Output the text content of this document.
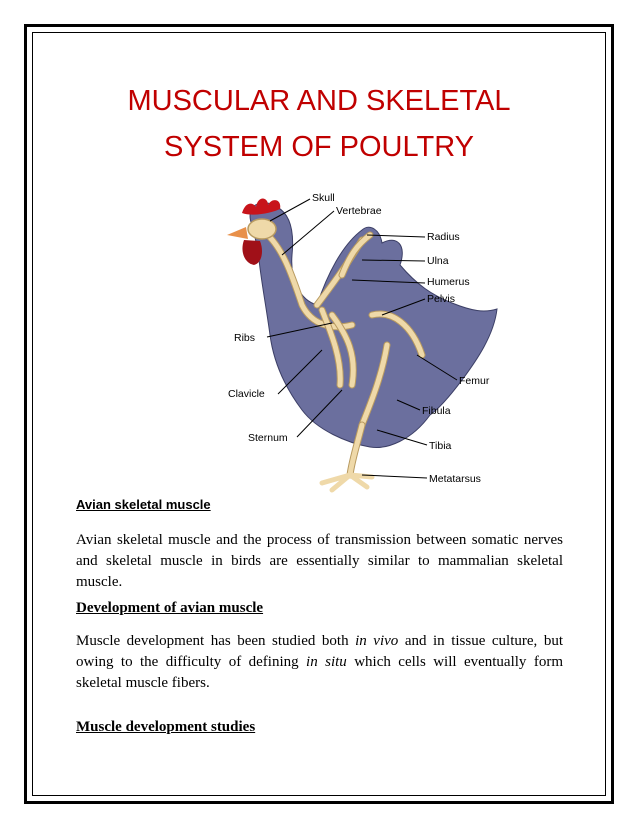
MUSCULAR AND SKELETAL
SYSTEM OF POULTRY
Skull
Vertebrae
Radius
Ulna
Humerus
Pelvis
Ribs
Femur
Clavicle
Fibula
Sternum
Tibia
Metatarsus
Avian skeletal muscle

Avian skeletal muscle and the process of transmission between somatic nerves and skeletal muscle in birds are essentially similar to mammalian skeletal muscle.

Development of avian muscle

Muscle development has been studied both in vivo and in tissue culture, but owing to the difficulty of defining in situ which cells will eventually form skeletal muscle fibers.

Muscle development studies
